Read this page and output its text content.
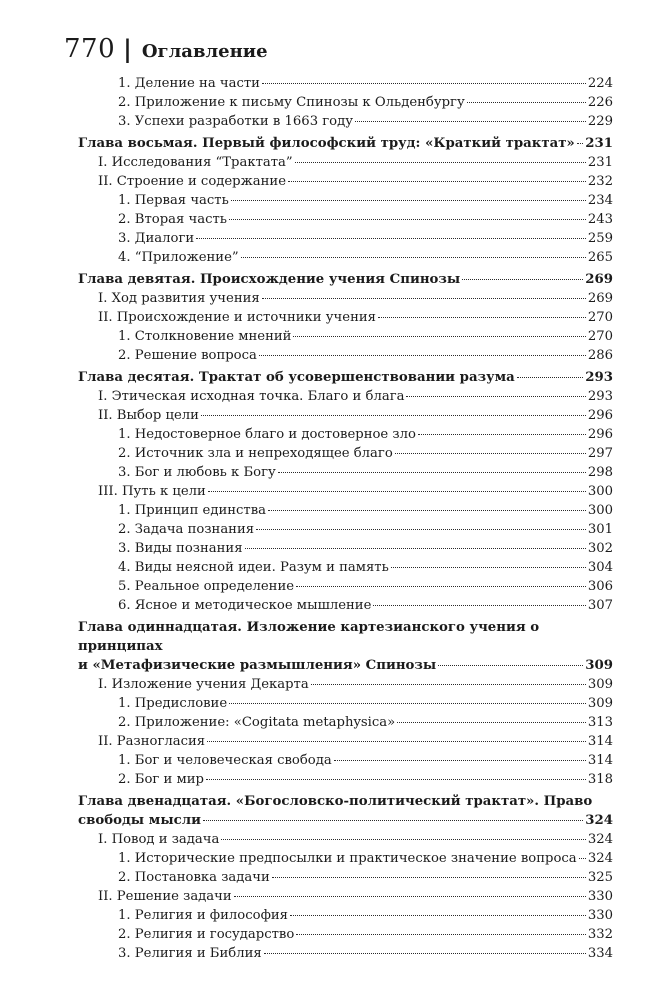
770 | Оглавление
1. Деление на части	224
2. Приложение к письму Спинозы к Ольденбургу	226
3. Успехи разработки в 1663 году	229
Глава восьмая. Первый философский труд: «Краткий трактат» 231
I. Исследования “Трактата”	231
II. Строение и содержание	232
1. Первая часть	234
2. Вторая часть	243
3. Диалоги	259
4. “Приложение”	265
Глава девятая. Происхождение учения Спинозы	269
I. Ход развития учения	269
II. Происхождение и источники учения	270
1. Столкновение мнений	270
2. Решение вопроса	286
Глава десятая. Трактат об усовершенствовании разума	293
I. Этическая исходная точка. Благо и блага	293
II. Выбор цели	296
1. Недостоверное благо и достоверное зло	296
2. Источник зла и непреходящее благо	297
3. Бог и любовь к Богу	298
III. Путь к цели	300
1. Принцип единства	300
2. Задача познания	301
3. Виды познания	302
4. Виды неясной идеи. Разум и память	304
5. Реальное определение	306
6. Ясное и методическое мышление	307
Глава одиннадцатая. Изложение картезианского учения о принципах
и «Метафизические размышления» Спинозы	309
I. Изложение учения Декарта	309
1. Предисловие	309
2. Приложение: «Cogitata metaphysica»	313
II. Разногласия	314
1. Бог и человеческая свобода	314
2. Бог и мир	318
Глава двенадцатая. «Богословско-политический трактат». Право
свободы мысли	324
I. Повод и задача	324
1. Исторические предпосылки и практическое значение вопроса 324
2. Постановка задачи	325
II. Решение задачи	330
1. Религия и философия	330
2. Религия и государство	332
3. Религия и Библия	334
